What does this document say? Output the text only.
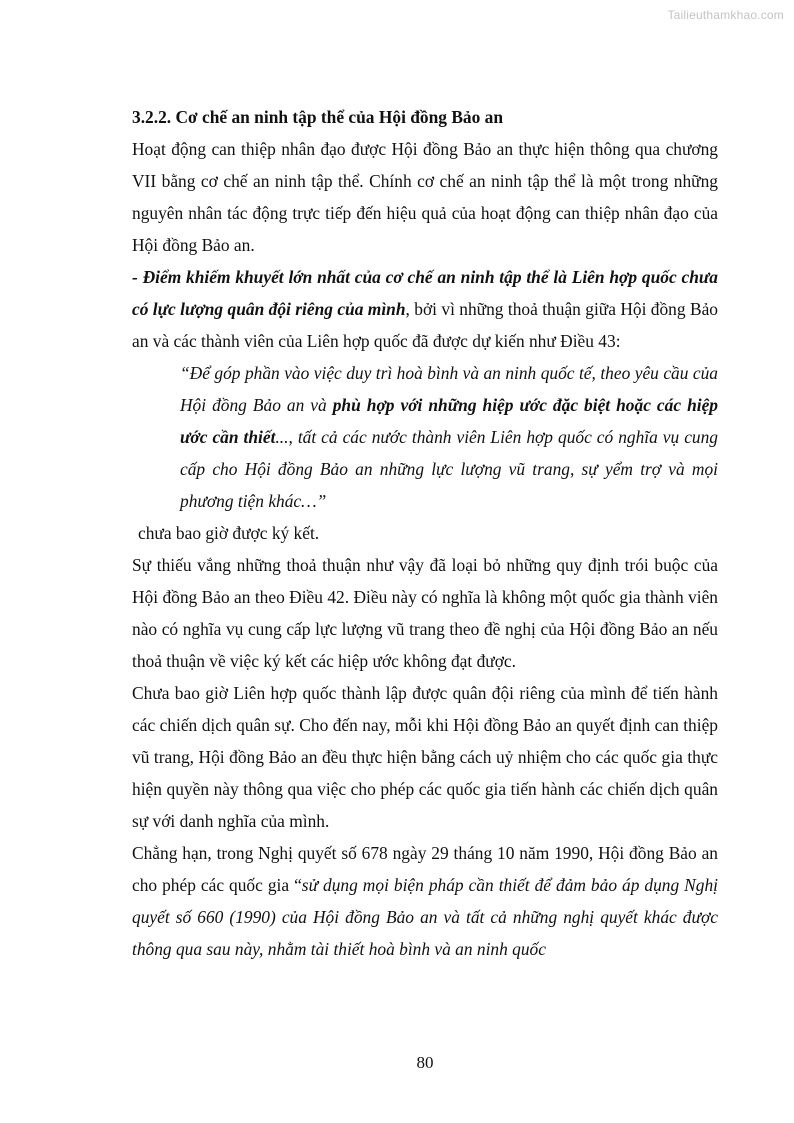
Tailieuthamkhao.com

3.2.2. Cơ chế an ninh tập thể của Hội đồng Bảo an

Hoạt động can thiệp nhân đạo được Hội đồng Bảo an thực hiện thông qua chương VII bằng cơ chế an ninh tập thể. Chính cơ chế an ninh tập thể là một trong những nguyên nhân tác động trực tiếp đến hiệu quả của hoạt động can thiệp nhân đạo của Hội đồng Bảo an.

- Điểm khiếm khuyết lớn nhất của cơ chế an ninh tập thể là Liên hợp quốc chưa có lực lượng quân đội riêng của mình, bởi vì những thoả thuận giữa Hội đồng Bảo an và các thành viên của Liên hợp quốc đã được dự kiến như Điều 43:

“Để góp phần vào việc duy trì hoà bình và an ninh quốc tế, theo yêu cầu của Hội đồng Bảo an và phù hợp với những hiệp ước đặc biệt hoặc các hiệp ước cần thiết..., tất cả các nước thành viên Liên hợp quốc có nghĩa vụ cung cấp cho Hội đồng Bảo an những lực lượng vũ trang, sự yểm trợ và mọi phương tiện khác…”

chưa bao giờ được ký kết.

Sự thiếu vắng những thoả thuận như vậy đã loại bỏ những quy định trói buộc của Hội đồng Bảo an theo Điều 42. Điều này có nghĩa là không một quốc gia thành viên nào có nghĩa vụ cung cấp lực lượng vũ trang theo đề nghị của Hội đồng Bảo an nếu thoả thuận về việc ký kết các hiệp ước không đạt được.

Chưa bao giờ Liên hợp quốc thành lập được quân đội riêng của mình để tiến hành các chiến dịch quân sự. Cho đến nay, mỗi khi Hội đồng Bảo an quyết định can thiệp vũ trang, Hội đồng Bảo an đều thực hiện bằng cách uỷ nhiệm cho các quốc gia thực hiện quyền này thông qua việc cho phép các quốc gia tiến hành các chiến dịch quân sự với danh nghĩa của mình.

Chẳng hạn, trong Nghị quyết số 678 ngày 29 tháng 10 năm 1990, Hội đồng Bảo an cho phép các quốc gia “sử dụng mọi biện pháp cần thiết để đảm bảo áp dụng Nghị quyết số 660 (1990) của Hội đồng Bảo an và tất cả những nghị quyết khác được thông qua sau này, nhằm tài thiết hoà bình và an ninh quốc

80
